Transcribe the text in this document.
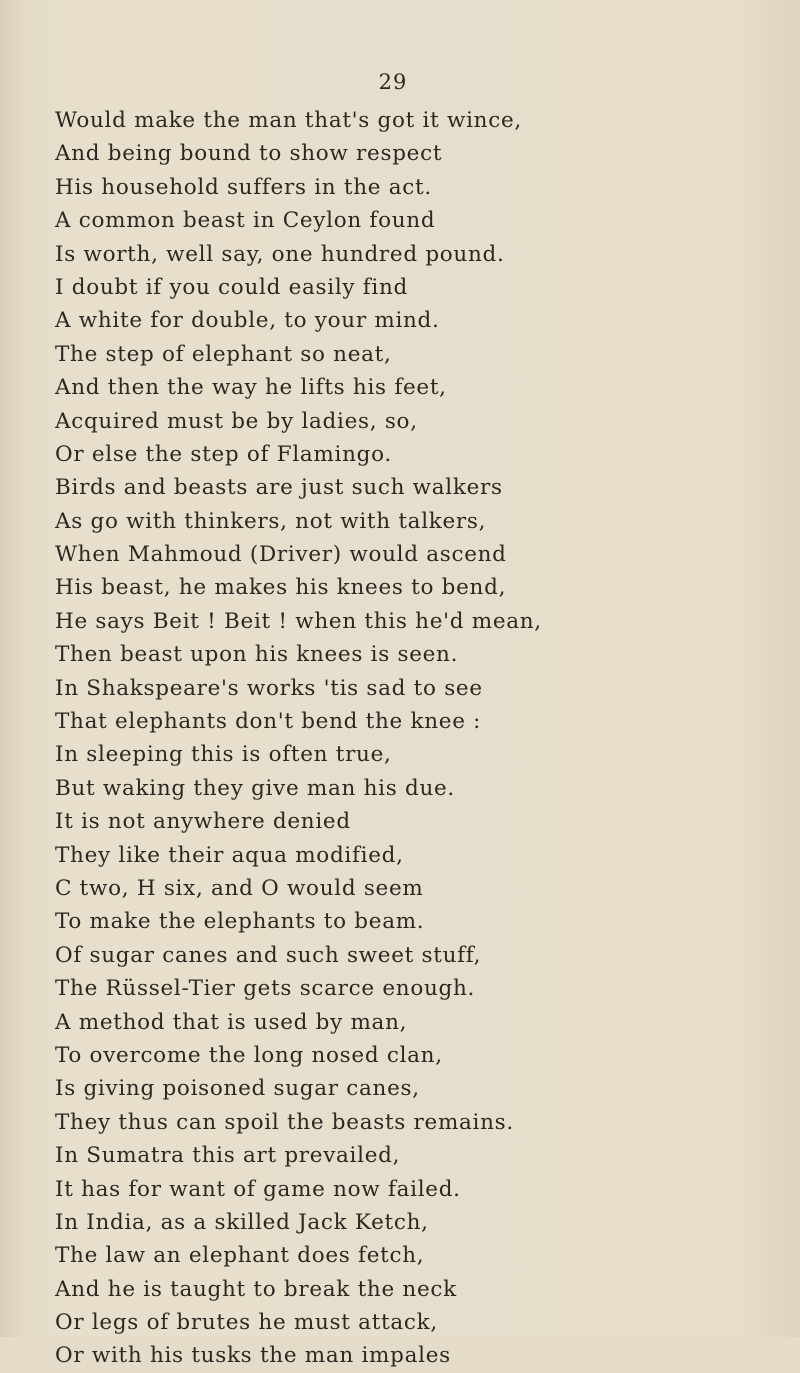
29
Would make the man that's got it wince,
And being bound to show respect
His household suffers in the act.
A common beast in Ceylon found
Is worth, well say, one hundred pound.
I doubt if you could easily find
A white for double, to your mind.
The step of elephant so neat,
And then the way he lifts his feet,
Acquired must be by ladies, so,
Or else the step of Flamingo.
Birds and beasts are just such walkers
As go with thinkers, not with talkers,
When Mahmoud (Driver) would ascend
His beast, he makes his knees to bend,
He says Beit ! Beit ! when this he'd mean,
Then beast upon his knees is seen.
In Shakspeare's works 'tis sad to see
That elephants don't bend the knee :
In sleeping this is often true,
But waking they give man his due.
It is not anywhere denied
They like their aqua modified,
C two, H six, and O would seem
To make the elephants to beam.
Of sugar canes and such sweet stuff,
The Rüssel-Tier gets scarce enough.
A method that is used by man,
To overcome the long nosed clan,
Is giving poisoned sugar canes,
They thus can spoil the beasts remains.
In Sumatra this art prevailed,
It has for want of game now failed.
In India, as a skilled Jack Ketch,
The law an elephant does fetch,
And he is taught to break the neck
Or legs of brutes he must attack,
Or with his tusks the man impales
